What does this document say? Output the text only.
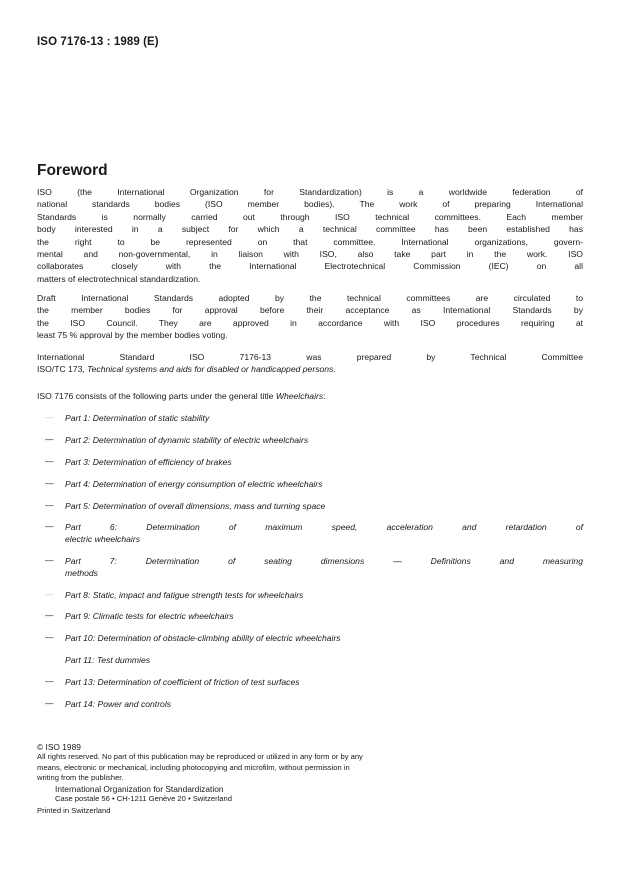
ISO 7176-13 : 1989 (E)
Foreword
ISO (the International Organization for Standardization) is a worldwide federation of
national standards bodies (ISO member bodies). The work of preparing International
Standards is normally carried out through ISO technical committees. Each member
body interested in a subject for which a technical committee has been established has
the right to be represented on that committee. International organizations, govern-
mental and non-governmental, in liaison with ISO, also take part in the work. ISO
collaborates closely with the International Electrotechnical Commission (IEC) on all
matters of electrotechnical standardization.
Draft International Standards adopted by the technical committees are circulated to
the member bodies for approval before their acceptance as International Standards by
the ISO Council. They are approved in accordance with ISO procedures requiring at
least 75 % approval by the member bodies voting.
International Standard ISO 7176-13 was prepared by Technical Committee
ISO/TC 173, Technical systems and aids for disabled or handicapped persons.
ISO 7176 consists of the following parts under the general title Wheelchairs:
— Part 1: Determination of static stability
— Part 2: Determination of dynamic stability of electric wheelchairs
— Part 3: Determination of efficiency of brakes
— Part 4: Determination of energy consumption of electric wheelchairs
— Part 5: Determination of overall dimensions, mass and turning space
— Part 6: Determination of maximum speed, acceleration and retardation of
electric wheelchairs
— Part 7: Determination of seating dimensions — Definitions and measuring
methods
— Part 8: Static, impact and fatigue strength tests for wheelchairs
— Part 9: Climatic tests for electric wheelchairs
— Part 10: Determination of obstacle-climbing ability of electric wheelchairs
Part 11: Test dummies
— Part 13: Determination of coefficient of friction of test surfaces
— Part 14: Power and controls
© ISO 1989
All rights reserved. No part of this publication may be reproduced or utilized in any form or by any
means, electronic or mechanical, including photocopying and microfilm, without permission in
writing from the publisher.
International Organization for Standardization
Case postale 56 • CH-1211 Genève 20 • Switzerland
Printed in Switzerland
